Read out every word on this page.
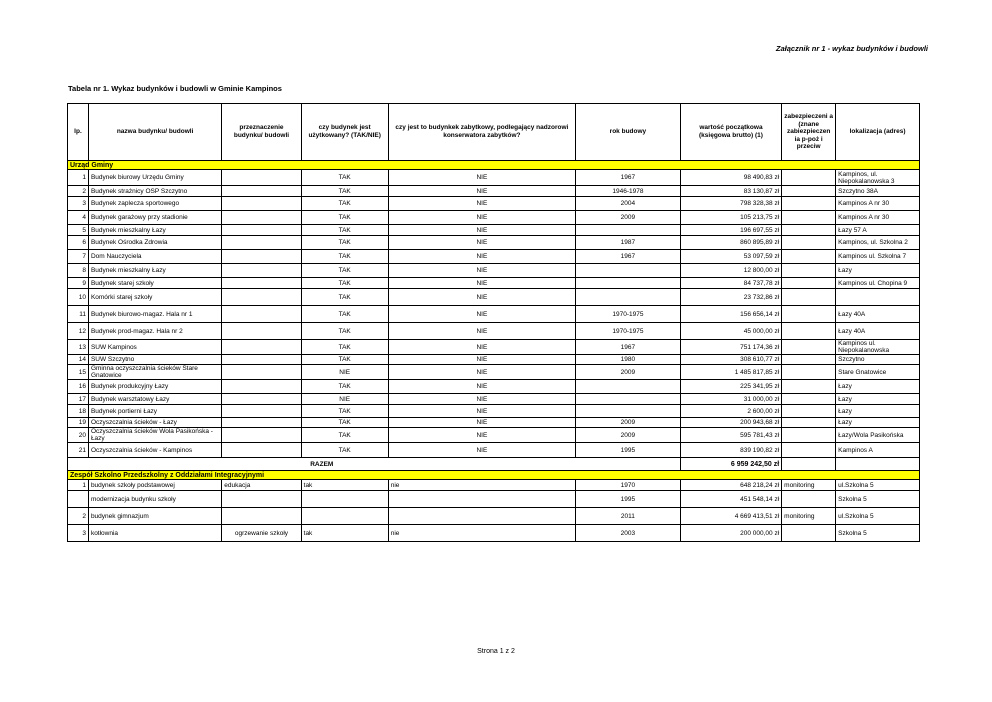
Załącznik nr 1 - wykaz budynków i budowli
Tabela nr 1. Wykaz budynków i budowli w Gminie Kampinos
lp.	nazwa budynku/ budowli	przeznaczenie budynku/ budowli	czy budynek jest użytkowany? (TAK/NIE)	czy jest to budynkek zabytkowy, podlegający nadzorowi konserwatora zabytków?	rok budowy	wartość początkowa (księgowa brutto) (1)	zabezpieczeni a (znane zabiezpieczen ia p-poż i przeciw	lokalizacja (adres)
Urząd Gminy								
1	Budynek biurowy Urzędu Gminy		TAK	NIE	1967	98 490,83 zł		Kampinos, ul. Niepokalanowska 3
2	Budynek strażnicy OSP Szczytno		TAK	NIE	1946-1978	83 130,87 zł		Szczytno 38A
3	Budynek zaplecza sportowego		TAK	NIE	2004	798 328,38 zł		Kampinos A nr 30
4	Budynek garażowy przy stadionie		TAK	NIE	2009	105 213,75 zł		Kampinos A nr 30
5	Budynek mieszkalny Łazy		TAK	NIE		196 697,55 zł		Łazy 57 A
6	Budynek Ośrodka Zdrowia		TAK	NIE	1987	860 895,89 zł		Kampinos, ul. Szkolna 2
7	Dom Nauczyciela		TAK	NIE	1967	53 097,59 zł		Kampinos ul. Szkolna 7
8	Budynek mieszkalny Łazy		TAK	NIE		12 800,00 zł		Łazy
9	Budynek starej szkoły		TAK	NIE		84 737,78 zł		Kampinos ul. Chopina 9
10	Komórki starej szkoły		TAK	NIE		23 732,86 zł		
11	Budynek biurowo-magaz. Hala nr 1		TAK	NIE	1970-1975	156 656,14 zł		Łazy 40A
12	Budynek prod-magaz. Hala nr 2		TAK	NIE	1970-1975	45 000,00 zł		Łazy 40A
13	SUW Kampinos		TAK	NIE	1967	751 174,36 zł		Kampinos ul. Niepokalanowska
14	SUW Szczytno		TAK	NIE	1980	308 610,77 zł		Szczytno
15	Gminna oczyszczalnia ścieków Stare Gnatowice		NIE	NIE	2009	1 485 817,85 zł		Stare Gnatowice
16	Budynek produkcyjny Łazy		TAK	NIE		225 341,95 zł		Łazy
17	Budynek warsztatowy Łazy		NIE	NIE		31 000,00 zł		Łazy
18	Budynek portierni Łazy		TAK	NIE		2 600,00 zł		Łazy
19	Oczyszczalnia ścieków - Łazy		TAK	NIE	2009	200 943,68 zł		Łazy
20	Oczyszczalnia ścieków Wola Pasikońska - Łazy		TAK	NIE	2009	595 781,43 zł		Łazy/Wola Pasikońska
21	Oczyszczalnia ścieków - Kampinos		TAK	NIE	1995	839 190,82 zł		Kampinos A
RAZEM						6 959 242,50 zł		
Zespół Szkolno Przedszkolny z Oddziałami Integracyjnymi								
1	budynek szkoły podstawowej	edukacja	tak	nie	1970	648 218,24 zł	monitoring	ul.Szkolna 5
	modernizacja budynku szkoły				1995	451 548,14 zł		Szkolna 5
2	budynek gimnazjum				2011	4 669 413,51 zł	monitoring	ul.Szkolna 5
3	kotłownia	ogrzewanie szkoły	tak	nie	2003	200 000,00 zł		Szkolna 5
Strona 1 z 2
